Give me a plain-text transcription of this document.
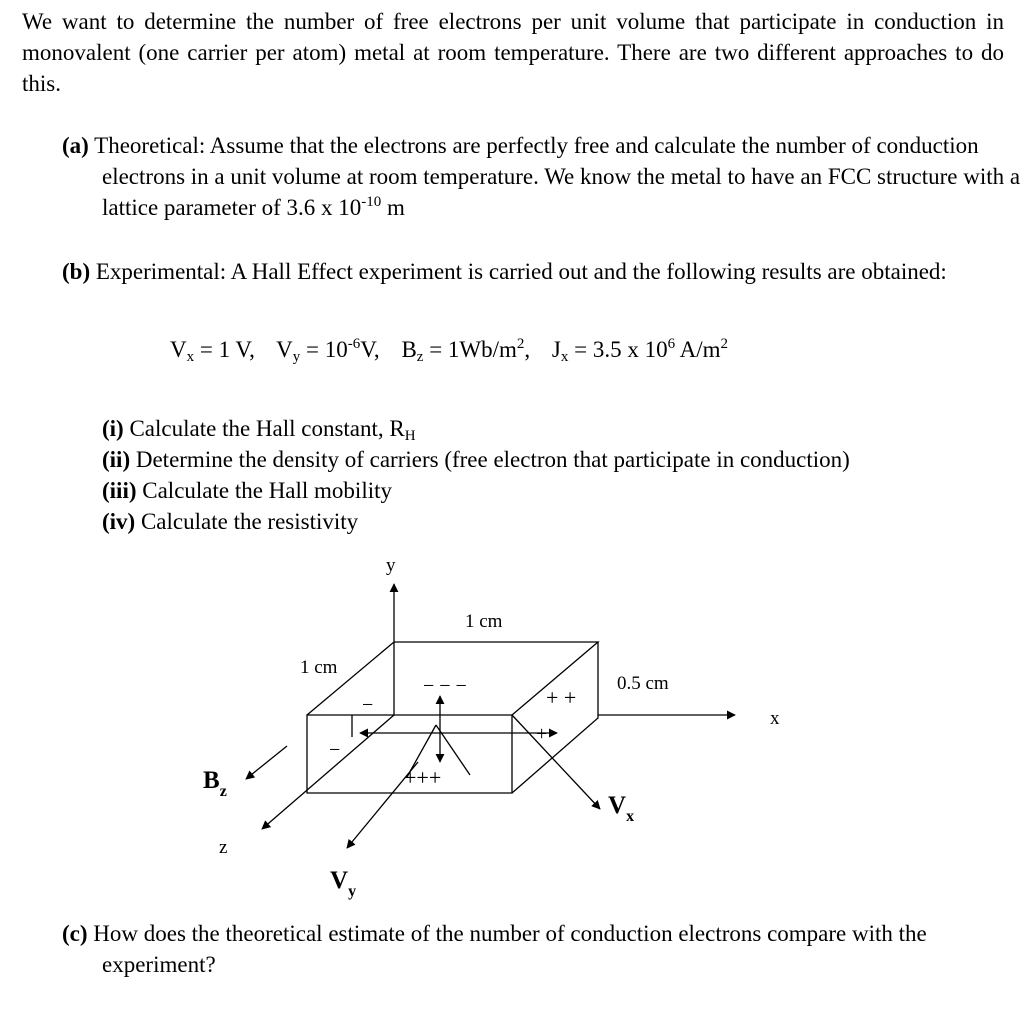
We want to determine the number of free electrons per unit volume that participate in conduction in monovalent (one carrier per atom) metal at room temperature. There are two different approaches to do this.

(a) Theoretical: Assume that the electrons are perfectly free and calculate the number of conduction electrons in a unit volume at room temperature. We know the metal to have an FCC structure with a lattice parameter of 3.6 x $10^{-10}$ m

(b) Experimental: A Hall Effect experiment is carried out and the following results are obtained:

$V_x = 1$ V, $V_y = 10^{-6}V$, $B_z = 1Wb/m^2$, $J_x = 3.5$ x $10^6$ $A/m^2$

(i) Calculate the Hall constant, $R_H$

(ii) Determine the density of carriers (free electron that participate in conduction)

(iii) Calculate the Hall mobility

(iv) Calculate the resistivity

y
x
z
1 cm
1 cm
0.5 cm
− − −
+++
+ +
−
−
+
$B_z$
$V_x$
$V_y$

(c) How does the theoretical estimate of the number of conduction electrons compare with the experiment?
